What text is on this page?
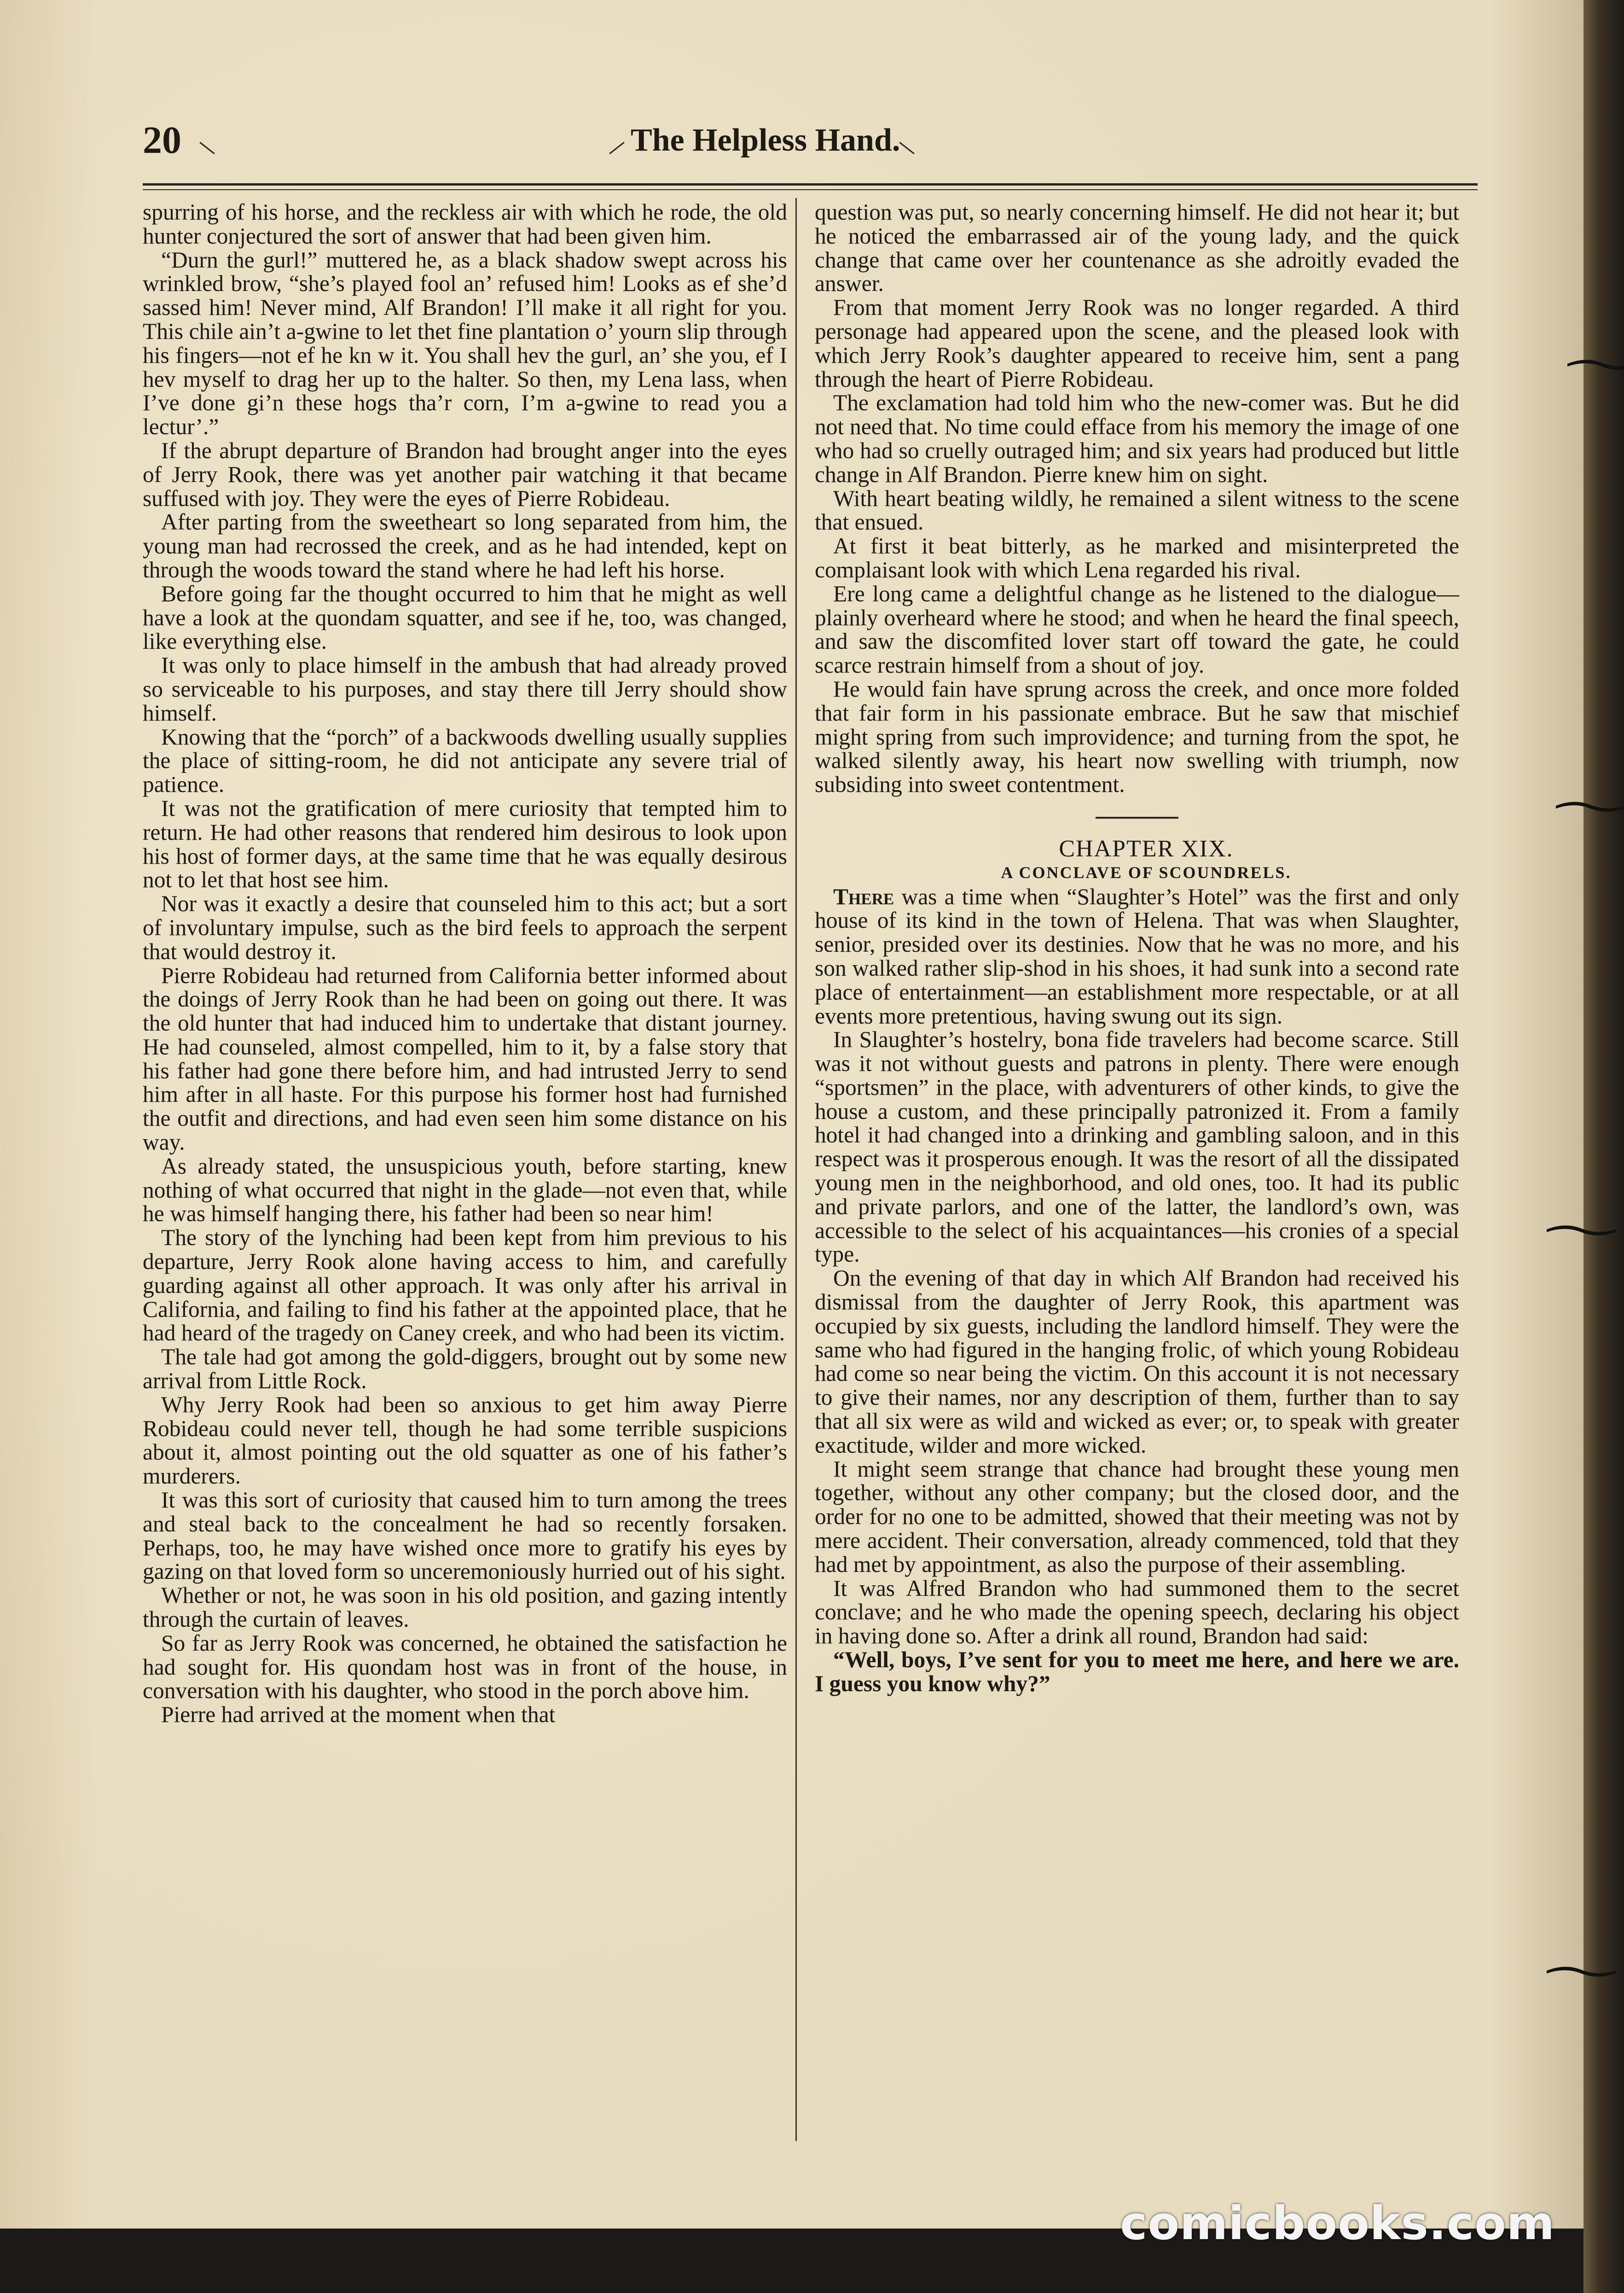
20	The Helpless Hand.

spurring of his horse, and the reckless air with which he rode, the old hunter conjectured the sort of answer that had been given him.

“Durn the gurl!” muttered he, as a black shadow swept across his wrinkled brow, “she’s played fool an’ refused him! Looks as ef she’d sassed him! Never mind, Alf Brandon! I’ll make it all right for you. This chile ain’t a-gwine to let thet fine plantation o’ yourn slip through his fingers—not ef he kn w it. You shall hev the gurl, an’ she you, ef I hev myself to drag her up to the halter. So then, my Lena lass, when I’ve done gi’n these hogs tha’r corn, I’m a-gwine to read you a lectur’.”

If the abrupt departure of Brandon had brought anger into the eyes of Jerry Rook, there was yet another pair watching it that became suffused with joy. They were the eyes of Pierre Robideau.

After parting from the sweetheart so long separated from him, the young man had recrossed the creek, and as he had intended, kept on through the woods toward the stand where he had left his horse.

Before going far the thought occurred to him that he might as well have a look at the quondam squatter, and see if he, too, was changed, like everything else.

It was only to place himself in the ambush that had already proved so serviceable to his purposes, and stay there till Jerry should show himself.

Knowing that the “porch” of a backwoods dwelling usually supplies the place of sitting-room, he did not anticipate any severe trial of patience.

It was not the gratification of mere curiosity that tempted him to return. He had other reasons that rendered him desirous to look upon his host of former days, at the same time that he was equally desirous not to let that host see him.

Nor was it exactly a desire that counseled him to this act; but a sort of involuntary impulse, such as the bird feels to approach the serpent that would destroy it.

Pierre Robideau had returned from California better informed about the doings of Jerry Rook than he had been on going out there. It was the old hunter that had induced him to undertake that distant journey. He had counseled, almost compelled, him to it, by a false story that his father had gone there before him, and had intrusted Jerry to send him after in all haste. For this purpose his former host had furnished the outfit and directions, and had even seen him some distance on his way.

As already stated, the unsuspicious youth, before starting, knew nothing of what occurred that night in the glade—not even that, while he was himself hanging there, his father had been so near him!

The story of the lynching had been kept from him previous to his departure, Jerry Rook alone having access to him, and carefully guarding against all other approach. It was only after his arrival in California, and failing to find his father at the appointed place, that he had heard of the tragedy on Caney creek, and who had been its victim.

The tale had got among the gold-diggers, brought out by some new arrival from Little Rock.

Why Jerry Rook had been so anxious to get him away Pierre Robideau could never tell, though he had some terrible suspicions about it, almost pointing out the old squatter as one of his father’s murderers.

It was this sort of curiosity that caused him to turn among the trees and steal back to the concealment he had so recently forsaken. Perhaps, too, he may have wished once more to gratify his eyes by gazing on that loved form so unceremoniously hurried out of his sight.

Whether or not, he was soon in his old position, and gazing intently through the curtain of leaves.

So far as Jerry Rook was concerned, he obtained the satisfaction he had sought for. His quondam host was in front of the house, in conversation with his daughter, who stood in the porch above him.

Pierre had arrived at the moment when that

question was put, so nearly concerning himself. He did not hear it; but he noticed the embarrassed air of the young lady, and the quick change that came over her countenance as she adroitly evaded the answer.

From that moment Jerry Rook was no longer regarded. A third personage had appeared upon the scene, and the pleased look with which Jerry Rook’s daughter appeared to receive him, sent a pang through the heart of Pierre Robideau.

The exclamation had told him who the new-comer was. But he did not need that. No time could efface from his memory the image of one who had so cruelly outraged him; and six years had produced but little change in Alf Brandon. Pierre knew him on sight.

With heart beating wildly, he remained a silent witness to the scene that ensued.

At first it beat bitterly, as he marked and misinterpreted the complaisant look with which Lena regarded his rival.

Ere long came a delightful change as he listened to the dialogue—plainly overheard where he stood; and when he heard the final speech, and saw the discomfited lover start off toward the gate, he could scarce restrain himself from a shout of joy.

He would fain have sprung across the creek, and once more folded that fair form in his passionate embrace. But he saw that mischief might spring from such improvidence; and turning from the spot, he walked silently away, his heart now swelling with triumph, now subsiding into sweet contentment.

CHAPTER XIX.

A CONCLAVE OF SCOUNDRELS.

There was a time when “Slaughter’s Hotel” was the first and only house of its kind in the town of Helena. That was when Slaughter, senior, presided over its destinies. Now that he was no more, and his son walked rather slip-shod in his shoes, it had sunk into a second rate place of entertainment—an establishment more respectable, or at all events more pretentious, having swung out its sign.

In Slaughter’s hostelry, bona fide travelers had become scarce. Still was it not without guests and patrons in plenty. There were enough “sportsmen” in the place, with adventurers of other kinds, to give the house a custom, and these principally patronized it. From a family hotel it had changed into a drinking and gambling saloon, and in this respect was it prosperous enough. It was the resort of all the dissipated young men in the neighborhood, and old ones, too. It had its public and private parlors, and one of the latter, the landlord’s own, was accessible to the select of his acquaintances—his cronies of a special type.

On the evening of that day in which Alf Brandon had received his dismissal from the daughter of Jerry Rook, this apartment was occupied by six guests, including the landlord himself. They were the same who had figured in the hanging frolic, of which young Robideau had come so near being the victim. On this account it is not necessary to give their names, nor any description of them, further than to say that all six were as wild and wicked as ever; or, to speak with greater exactitude, wilder and more wicked.

It might seem strange that chance had brought these young men together, without any other company; but the closed door, and the order for no one to be admitted, showed that their meeting was not by mere accident. Their conversation, already commenced, told that they had met by appointment, as also the purpose of their assembling.

It was Alfred Brandon who had summoned them to the secret conclave; and he who made the opening speech, declaring his object in having done so. After a drink all round, Brandon had said:

“Well, boys, I’ve sent for you to meet me here, and here we are. I guess you know why?”

comicbooks.com
